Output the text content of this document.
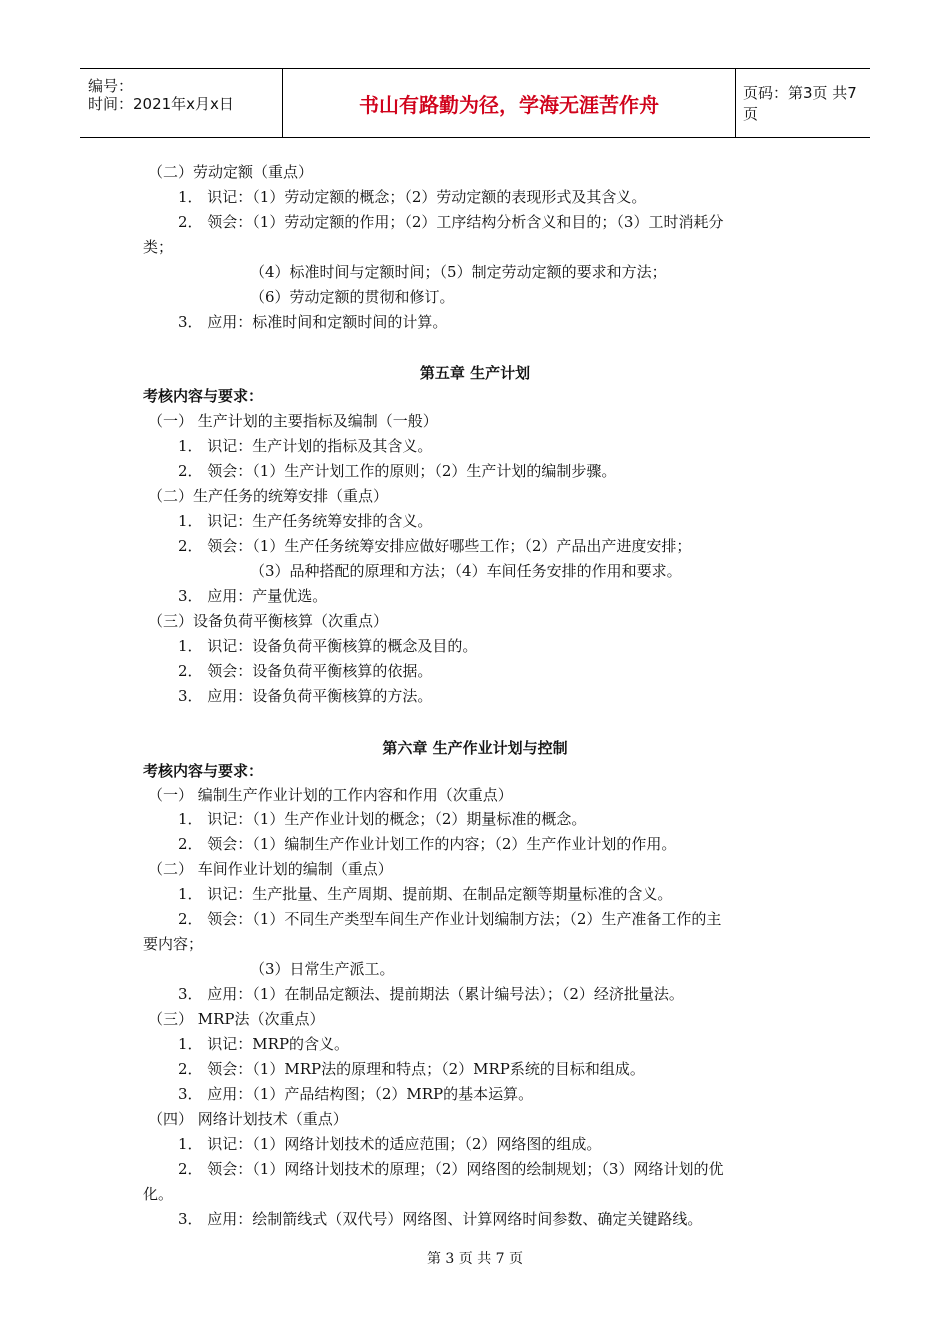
编号：
时间：2021年x月x日	书山有路勤为径，学海无涯苦作舟	页码：第3页 共7页
（二）劳动定额（重点）
1． 识记：（1）劳动定额的概念；（2）劳动定额的表现形式及其含义。
2． 领会：（1）劳动定额的作用；（2）工序结构分析含义和目的；（3）工时消耗分
类；
（4）标准时间与定额时间；（5）制定劳动定额的要求和方法；
（6）劳动定额的贯彻和修订。
3． 应用：标准时间和定额时间的计算。
第五章 生产计划
考核内容与要求：
（一） 生产计划的主要指标及编制（一般）
1． 识记：生产计划的指标及其含义。
2． 领会：（1）生产计划工作的原则；（2）生产计划的编制步骤。
（二）生产任务的统筹安排（重点）
1． 识记：生产任务统筹安排的含义。
2． 领会：（1）生产任务统筹安排应做好哪些工作；（2）产品出产进度安排；
（3）品种搭配的原理和方法；（4）车间任务安排的作用和要求。
3． 应用：产量优选。
（三）设备负荷平衡核算（次重点）
1． 识记：设备负荷平衡核算的概念及目的。
2． 领会：设备负荷平衡核算的依据。
3． 应用：设备负荷平衡核算的方法。
第六章 生产作业计划与控制
考核内容与要求：
（一） 编制生产作业计划的工作内容和作用（次重点）
1． 识记：（1）生产作业计划的概念；（2）期量标准的概念。
2． 领会：（1）编制生产作业计划工作的内容；（2）生产作业计划的作用。
（二） 车间作业计划的编制（重点）
1． 识记：生产批量、生产周期、提前期、在制品定额等期量标准的含义。
2． 领会：（1）不同生产类型车间生产作业计划编制方法；（2）生产准备工作的主
要内容；
（3）日常生产派工。
3． 应用：（1）在制品定额法、提前期法（累计编号法）；（2）经济批量法。
（三） MRP法（次重点）
1． 识记：MRP的含义。
2． 领会：（1）MRP法的原理和特点；（2）MRP系统的目标和组成。
3． 应用：（1）产品结构图；（2）MRP的基本运算。
（四） 网络计划技术（重点）
1． 识记：（1）网络计划技术的适应范围；（2）网络图的组成。
2． 领会：（1）网络计划技术的原理；（2）网络图的绘制规划；（3）网络计划的优
化。
3． 应用：绘制箭线式（双代号）网络图、计算网络时间参数、确定关键路线。
第 3 页 共 7 页
